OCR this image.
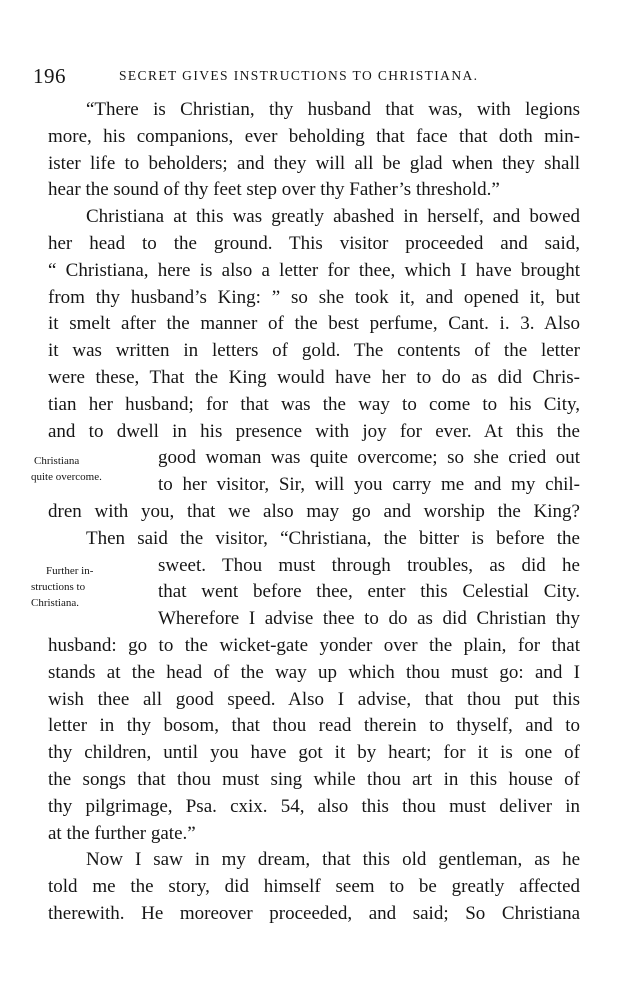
196	SECRET GIVES INSTRUCTIONS TO CHRISTIANA.
“There is Christian, thy husband that was, with legions
more, his companions, ever beholding that face that doth min-
ister life to beholders; and they will all be glad when they shall
hear the sound of thy feet step over thy Father’s threshold.”
Christiana at this was greatly abashed in herself, and bowed
her head to the ground. This visitor proceeded and said,
“ Christiana, here is also a letter for thee, which I have brought
from thy husband’s King: ” so she took it, and opened it, but
it smelt after the manner of the best perfume, Cant. i. 3. Also
it was written in letters of gold. The contents of the letter
were these, That the King would have her to do as did Chris-
tian her husband; for that was the way to come to his City,
and to dwell in his presence with joy for ever. At this the
good woman was quite overcome; so she cried out
to her visitor, Sir, will you carry me and my chil-
dren with you, that we also may go and worship the King?
Then said the visitor, “Christiana, the bitter is before the
sweet. Thou must through troubles, as did he
that went before thee, enter this Celestial City.
Wherefore I advise thee to do as did Christian thy
husband: go to the wicket-gate yonder over the plain, for that
stands at the head of the way up which thou must go: and I
wish thee all good speed. Also I advise, that thou put this
letter in thy bosom, that thou read therein to thyself, and to
thy children, until you have got it by heart; for it is one of
the songs that thou must sing while thou art in this house of
thy pilgrimage, Psa. cxix. 54, also this thou must deliver in
at the further gate.”
Now I saw in my dream, that this old gentleman, as he
told me the story, did himself seem to be greatly affected
therewith. He moreover proceeded, and said; So Christiana
Christiana
quite overcome.
Further in-
structions to
Christiana.
